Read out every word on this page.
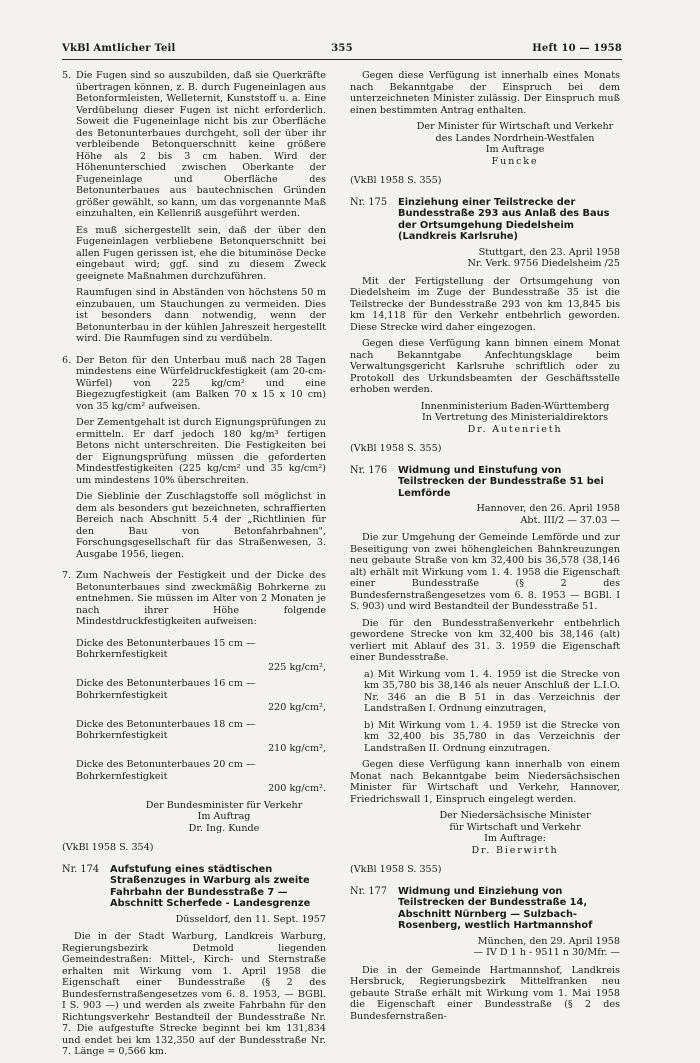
VkBl Amtlicher Teil	355	Heft 10 — 1958
5. Die Fugen sind so auszubilden, daß sie Querkräfte übertragen können, z. B. durch Fugeneinlagen aus Betonformleisten, Welleternit, Kunststoff u. a. Eine Verdübelung dieser Fugen ist nicht erforderlich. Soweit die Fugeneinlage nicht bis zur Oberfläche des Betonunterbaues durchgeht, soll der über ihr verbleibende Betonquerschnitt keine größere Höhe als 2 bis 3 cm haben. Wird der Höhenunterschied zwischen Oberkante der Fugeneinlage und Oberfläche des Betonunterbaues aus bautechnischen Gründen größer gewählt, so kann, um das vorgenannte Maß einzuhalten, ein Kellenriß ausgeführt werden.

Es muß sichergestellt sein, daß der über den Fugeneinlagen verbliebene Betonquerschnitt bei allen Fugen gerissen ist, ehe die bituminöse Decke eingebaut wird; ggf. sind zu diesem Zweck geeignete Maßnahmen durchzuführen.

Raumfugen sind in Abständen von höchstens 50 m einzubauen, um Stauchungen zu vermeiden. Dies ist besonders dann notwendig, wenn der Betonunterbau in der kühlen Jahreszeit hergestellt wird. Die Raumfugen sind zu verdübeln.

6. Der Beton für den Unterbau muß nach 28 Tagen mindestens eine Würfeldruckfestigkeit (am 20-cm-Würfel) von 225 kg/cm² und eine Biegezugfestigkeit (am Balken 70 x 15 x 10 cm) von 35 kg/cm² aufweisen.

Der Zementgehalt ist durch Eignungsprüfungen zu ermitteln. Er darf jedoch 180 kg/m³ fertigen Betons nicht unterschreiten. Die Festigkeiten bei der Eignungsprüfung müssen die geforderten Mindestfestigkeiten (225 kg/cm² und 35 kg/cm²) um mindestens 10% überschreiten.

Die Sieblinie der Zuschlagstoffe soll möglichst in dem als besonders gut bezeichneten, schraffierten Bereich nach Abschnitt 5.4 der „Richtlinien für den Bau von Betonfahrbahnen", Forschungsgesellschaft für das Straßenwesen, 3. Ausgabe 1956, liegen.

7. Zum Nachweis der Festigkeit und der Dicke des Betonunterbaues sind zweckmäßig Bohrkerne zu entnehmen. Sie müssen im Alter von 2 Monaten je nach ihrer Höhe folgende Mindestdruckfestigkeiten aufweisen:

Dicke des Betonunterbaues 15 cm — Bohrkernfestigkeit
225 kg/cm²,
Dicke des Betonunterbaues 16 cm — Bohrkernfestigkeit
220 kg/cm²,
Dicke des Betonunterbaues 18 cm — Bohrkernfestigkeit
210 kg/cm²,
Dicke des Betonunterbaues 20 cm — Bohrkernfestigkeit
200 kg/cm².
Der Bundesminister für Verkehr
Im Auftrag
Dr. Ing. Kunde
(VkBl 1958 S. 354)
Nr. 174	Aufstufung eines städtischen Straßenzuges in Warburg als zweite Fahrbahn der Bundesstraße 7 — Abschnitt Scherfede - Landesgrenze
Düsseldorf, den 11. Sept. 1957

Die in der Stadt Warburg, Landkreis Warburg, Regierungsbezirk Detmold liegenden Gemeindestraßen: Mittel-, Kirch- und Sternstraße erhalten mit Wirkung vom 1. April 1958 die Eigenschaft einer Bundesstraße (§ 2 des Bundesfernstraßengesetzes vom 6. 8. 1953, — BGBl. I S. 903 —) und werden als zweite Fahrbahn für den Richtungsverkehr Bestandteil der Bundesstraße Nr. 7. Die aufgestufte Strecke beginnt bei km 131,834 und endet bei km 132,350 auf der Bundesstraße Nr. 7. Länge = 0,566 km.

Gegen diese Verfügung ist innerhalb eines Monats nach Bekanntgabe der Einspruch bei dem unterzeichneten Minister zulässig. Der Einspruch muß einen bestimmten Antrag enthalten.

Der Minister für Wirtschaft und Verkehr
des Landes Nordrhein-Westfalen
Im Auftrage
Funcke
(VkBl 1958 S. 355)
Nr. 175	Einziehung einer Teilstrecke der Bundesstraße 293 aus Anlaß des Baus der Ortsumgehung Diedelsheim (Landkreis Karlsruhe)
Stuttgart, den 23. April 1958
Nr. Verk. 9756 Diedelsheim /25

Mit der Fertigstellung der Ortsumgehung von Diedelsheim im Zuge der Bundesstraße 35 ist die Teilstrecke der Bundesstraße 293 von km 13,845 bis km 14,118 für den Verkehr entbehrlich geworden. Diese Strecke wird daher eingezogen.

Gegen diese Verfügung kann binnen einem Monat nach Bekanntgabe Anfechtungsklage beim Verwaltungsgericht Karlsruhe schriftlich oder zu Protokoll des Urkundsbeamten der Geschäftsstelle erhoben werden.

Innenministerium Baden-Württemberg
In Vertretung des Ministerialdirektors
Dr. Autenrieth
(VkBl 1958 S. 355)
Nr. 176	Widmung und Einstufung von Teilstrecken der Bundesstraße 51 bei Lemförde
Hannover, den 26. April 1958
Abt. III/2 — 37.03 —

Die zur Umgehung der Gemeinde Lemförde und zur Beseitigung von zwei höhengleichen Bahnkreuzungen neu gebaute Straße von km 32,400 bis 36,578 (38,146 alt) erhält mit Wirkung vom 1. 4. 1958 die Eigenschaft einer Bundesstraße (§ 2 des Bundesfernstraßengesetzes vom 6. 8. 1953 — BGBl. I S. 903) und wird Bestandteil der Bundesstraße 51.

Die für den Bundesstraßenverkehr entbehrlich gewordene Strecke von km 32,400 bis 38,146 (alt) verliert mit Ablauf des 31. 3. 1959 die Eigenschaft einer Bundesstraße.

a) Mit Wirkung vom 1. 4. 1959 ist die Strecke von km 35,780 bis 38,146 als neuer Anschluß der L.I.O. Nr. 346 an die B 51 in das Verzeichnis der Landstraßen I. Ordnung einzutragen,

b) Mit Wirkung vom 1. 4. 1959 ist die Strecke von km 32,400 bis 35,780 in das Verzeichnis der Landstraßen II. Ordnung einzutragen.

Gegen diese Verfügung kann innerhalb von einem Monat nach Bekanntgabe beim Niedersächsischen Minister für Wirtschaft und Verkehr, Hannover, Friedrichswall 1, Einspruch eingelegt werden.

Der Niedersächsische Minister
für Wirtschaft und Verkehr
Im Auftrage:
Dr. Bierwirth
(VkBl 1958 S. 355)
Nr. 177	Widmung und Einziehung von Teilstrecken der Bundesstraße 14, Abschnitt Nürnberg — Sulzbach-Rosenberg, westlich Hartmannshof
München, den 29. April 1958
— IV D 1 h - 9511 n 30/Mfr. —

Die in der Gemeinde Hartmannshof, Landkreis Hersbruck, Regierungsbezirk Mittelfranken neu gebaute Straße erhält mit Wirkung vom 1. Mai 1958 die Eigenschaft einer Bundesstraße (§ 2 des Bundesfernstraßen-
